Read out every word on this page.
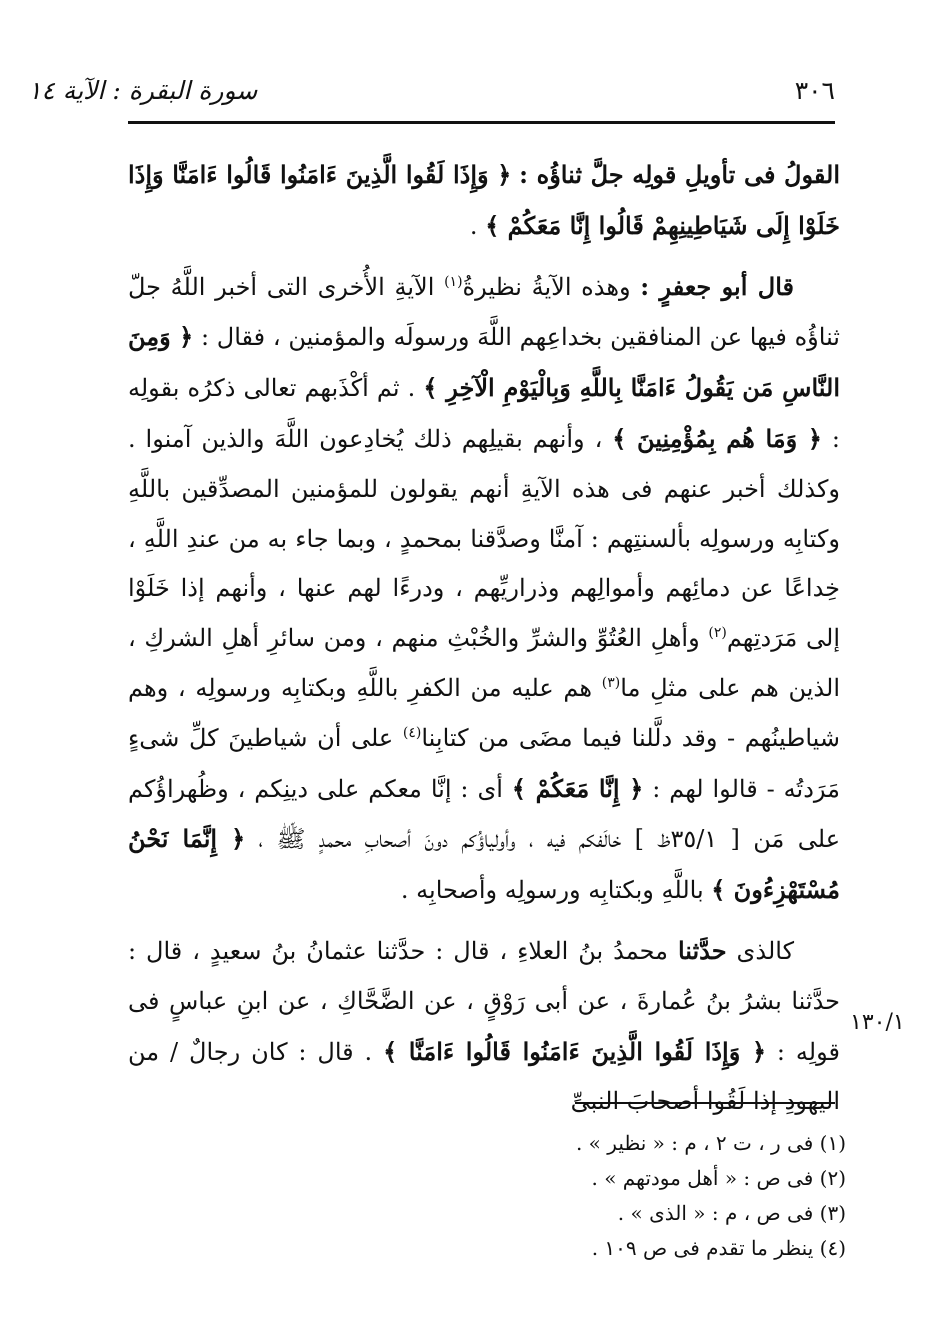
٣٠٦
سورة البقرة : الآية ١٤

القولُ فى تأويلِ قولِه جلَّ ثناؤُه : ﴿ وَإِذَا لَقُوا الَّذِينَ ءَامَنُوا قَالُوا ءَامَنَّا وَإِذَا خَلَوْا إِلَى شَيَاطِينِهِمْ قَالُوا إِنَّا مَعَكُمْ ﴾ .

قال أبو جعفرٍ : وهذه الآيةُ نظيرةُ$^{(١)}$ الآيةِ الأُخرى التى أخبر اللَّهُ جلّ ثناؤُه فيها عن المنافقين بخداعِهم اللَّهَ ورسولَه والمؤمنين ، فقال : ﴿ وَمِنَ النَّاسِ مَن يَقُولُ ءَامَنَّا بِاللَّهِ وَبِالْيَوْمِ الْآخِرِ ﴾ . ثم أكْذَبهم تعالى ذكرُه بقولِه : ﴿ وَمَا هُم بِمُؤْمِنِينَ ﴾ ، وأنهم بقيلِهم ذلك يُخادِعون اللَّهَ والذين آمنوا . وكذلك أخبر عنهم فى هذه الآيةِ أنهم يقولون للمؤمنين المصدِّقين باللَّهِ وكتابِه ورسولِه بألسنتِهم : آمنَّا وصدَّقنا بمحمدٍ ، وبما جاء به من عندِ اللَّهِ ، خِداعًا عن دمائِهم وأموالِهم وذراريِّهم ، ودرءًا لهم عنها ، وأنهم إذا خَلَوْا إلى مَرَدتِهم$^{(٢)}$ وأهلِ العُتُوِّ والشرِّ والخُبْثِ منهم ، ومن سائرِ أهلِ الشركِ ، الذين هم على مثلِ ما$^{(٣)}$ هم عليه من الكفرِ باللَّهِ وبكتابِه ورسولِه ، وهم شياطينُهم - وقد دلَّلنا فيما مضَى من كتابِنا$^{(٤)}$ على أن شياطينَ كلِّ شىءٍ مَرَدتُه - قالوا لهم : ﴿ إِنَّا مَعَكُمْ ﴾ أى : إنَّا معكم على دينِكم ، وظُهراؤُكم على مَن [ ٣٥/١ظ ] خالَفكم فيه ، وأولياؤُكم دونَ أصحابِ محمدٍ ﷺ ، ﴿ إِنَّمَا نَحْنُ مُسْتَهْزِءُونَ ﴾ باللَّهِ وبكتابِه ورسولِه وأصحابِه .

كالذى حدَّثنا محمدُ بنُ العلاءِ ، قال : حدَّثنا عثمانُ بنُ سعيدٍ ، قال : حدَّثنا بشرُ بنُ عُمارةَ ، عن أبى رَوْقٍ ، عن الضَّحَّاكِ ، عن ابنِ عباسٍ فى قولِه : ﴿ وَإِذَا لَقُوا الَّذِينَ ءَامَنُوا قَالُوا ءَامَنَّا ﴾ . قال : كان رجالٌ / من اليهودِ إذا لَقُوا أصحابَ النبىِّ

١٣٠/١
(١) فى ر ، ت ٢ ، م : « نظير » .
(٢) فى ص : « أهل مودتهم » .
(٣) فى ص ، م : « الذى » .
(٤) ينظر ما تقدم فى ص ١٠٩ .
